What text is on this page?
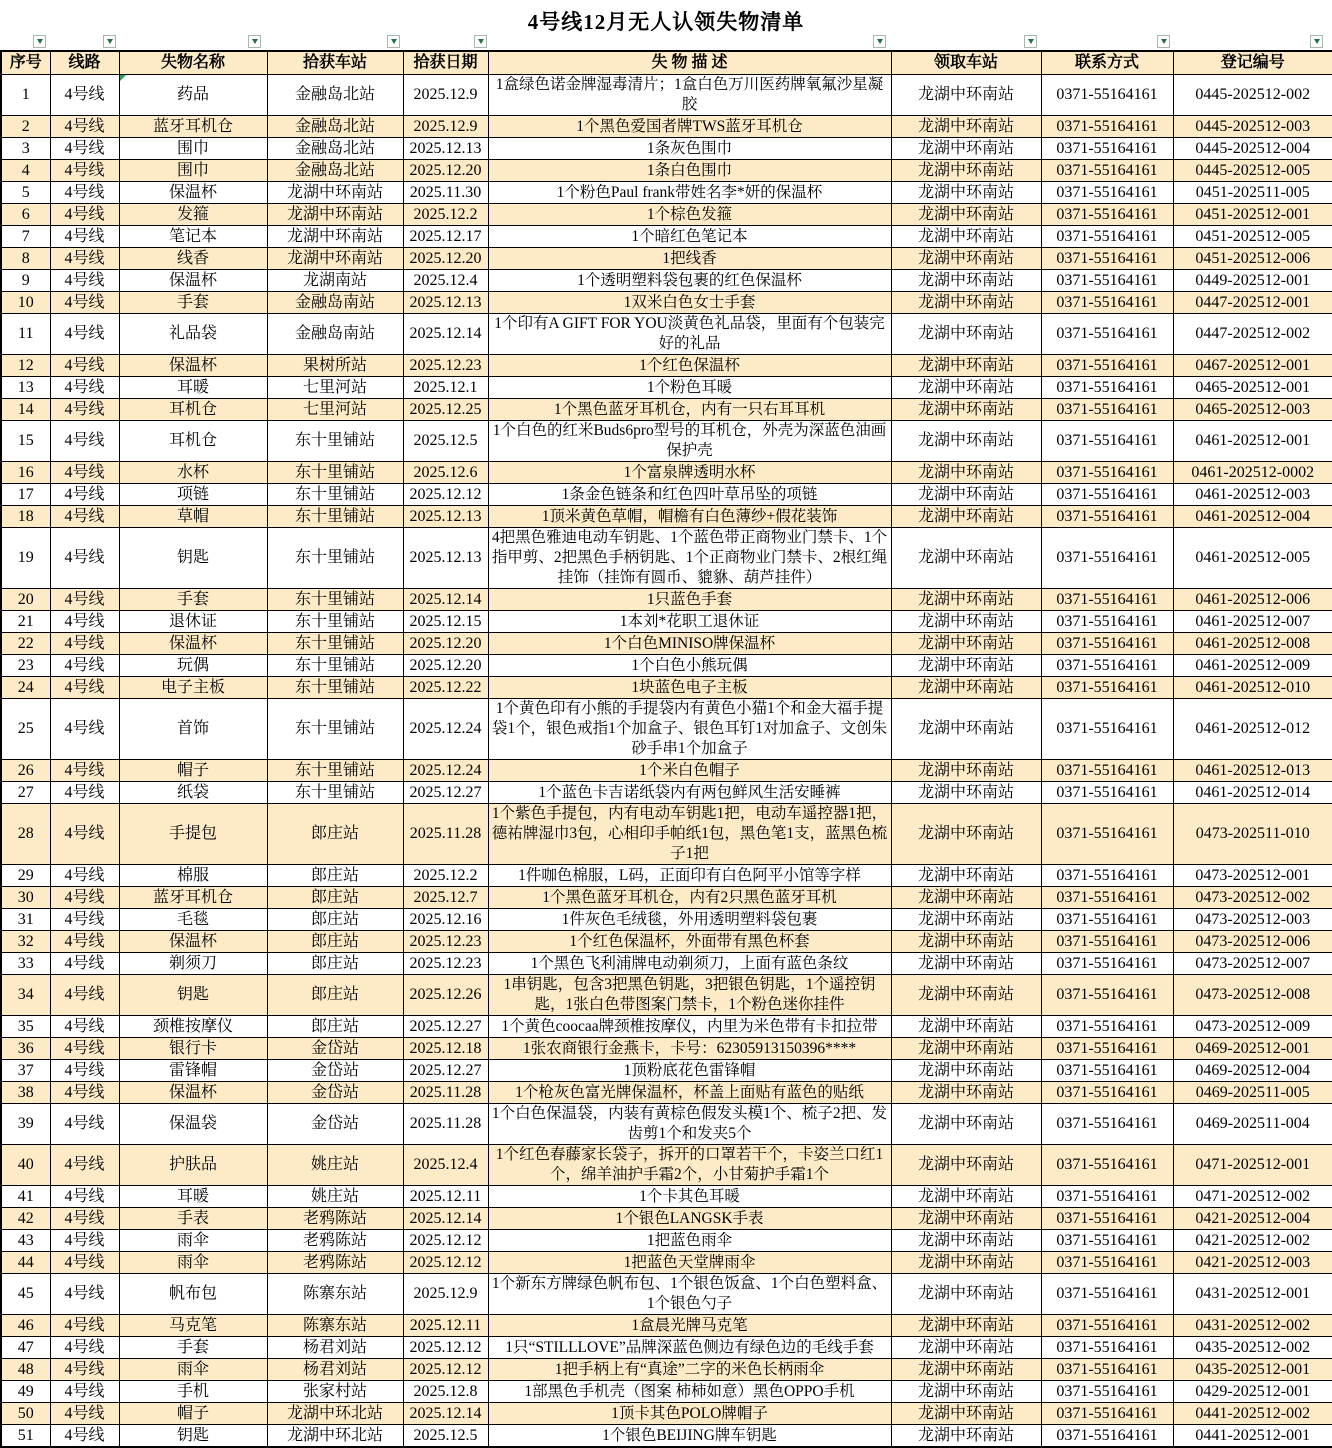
4号线12月无人认领失物清单
序号	线路	失物名称	拾获车站	拾获日期	失 物 描 述	领取车站	联系方式	登记编号
1	4号线	药品	金融岛北站	2025.12.9	1盒绿色诺金牌湿毒清片；1盒白色万川医药牌氧氟沙星凝胶	龙湖中环南站	0371-55164161	0445-202512-002
2	4号线	蓝牙耳机仓	金融岛北站	2025.12.9	1个黑色爱国者牌TWS蓝牙耳机仓	龙湖中环南站	0371-55164161	0445-202512-003
3	4号线	围巾	金融岛北站	2025.12.13	1条灰色围巾	龙湖中环南站	0371-55164161	0445-202512-004
4	4号线	围巾	金融岛北站	2025.12.20	1条白色围巾	龙湖中环南站	0371-55164161	0445-202512-005
5	4号线	保温杯	龙湖中环南站	2025.11.30	1个粉色Paul frank带姓名李*妍的保温杯	龙湖中环南站	0371-55164161	0451-202511-005
6	4号线	发箍	龙湖中环南站	2025.12.2	1个棕色发箍	龙湖中环南站	0371-55164161	0451-202512-001
7	4号线	笔记本	龙湖中环南站	2025.12.17	1个暗红色笔记本	龙湖中环南站	0371-55164161	0451-202512-005
8	4号线	线香	龙湖中环南站	2025.12.20	1把线香	龙湖中环南站	0371-55164161	0451-202512-006
9	4号线	保温杯	龙湖南站	2025.12.4	1个透明塑料袋包裹的红色保温杯	龙湖中环南站	0371-55164161	0449-202512-001
10	4号线	手套	金融岛南站	2025.12.13	1双米白色女士手套	龙湖中环南站	0371-55164161	0447-202512-001
11	4号线	礼品袋	金融岛南站	2025.12.14	1个印有A GIFT FOR YOU淡黄色礼品袋，里面有个包装完好的礼品	龙湖中环南站	0371-55164161	0447-202512-002
12	4号线	保温杯	果树所站	2025.12.23	1个红色保温杯	龙湖中环南站	0371-55164161	0467-202512-001
13	4号线	耳暖	七里河站	2025.12.1	1个粉色耳暖	龙湖中环南站	0371-55164161	0465-202512-001
14	4号线	耳机仓	七里河站	2025.12.25	1个黑色蓝牙耳机仓，内有一只右耳耳机	龙湖中环南站	0371-55164161	0465-202512-003
15	4号线	耳机仓	东十里铺站	2025.12.5	1个白色的红米Buds6pro型号的耳机仓，外壳为深蓝色油画保护壳	龙湖中环南站	0371-55164161	0461-202512-001
16	4号线	水杯	东十里铺站	2025.12.6	1个富泉牌透明水杯	龙湖中环南站	0371-55164161	0461-202512-0002
17	4号线	项链	东十里铺站	2025.12.12	1条金色链条和红色四叶草吊坠的项链	龙湖中环南站	0371-55164161	0461-202512-003
18	4号线	草帽	东十里铺站	2025.12.13	1顶米黄色草帽，帽檐有白色薄纱+假花装饰	龙湖中环南站	0371-55164161	0461-202512-004
19	4号线	钥匙	东十里铺站	2025.12.13	4把黑色雅迪电动车钥匙、1个蓝色带正商物业门禁卡、1个指甲剪、2把黑色手柄钥匙、1个正商物业门禁卡、2根红绳挂饰（挂饰有圆币、貔貅、葫芦挂件）	龙湖中环南站	0371-55164161	0461-202512-005
20	4号线	手套	东十里铺站	2025.12.14	1只蓝色手套	龙湖中环南站	0371-55164161	0461-202512-006
21	4号线	退休证	东十里铺站	2025.12.15	1本刘*花职工退休证	龙湖中环南站	0371-55164161	0461-202512-007
22	4号线	保温杯	东十里铺站	2025.12.20	1个白色MINISO牌保温杯	龙湖中环南站	0371-55164161	0461-202512-008
23	4号线	玩偶	东十里铺站	2025.12.20	1个白色小熊玩偶	龙湖中环南站	0371-55164161	0461-202512-009
24	4号线	电子主板	东十里铺站	2025.12.22	1块蓝色电子主板	龙湖中环南站	0371-55164161	0461-202512-010
25	4号线	首饰	东十里铺站	2025.12.24	1个黄色印有小熊的手提袋内有黄色小猫1个和金大福手提袋1个，银色戒指1个加盒子、银色耳钉1对加盒子、文创朱砂手串1个加盒子	龙湖中环南站	0371-55164161	0461-202512-012
26	4号线	帽子	东十里铺站	2025.12.24	1个米白色帽子	龙湖中环南站	0371-55164161	0461-202512-013
27	4号线	纸袋	东十里铺站	2025.12.27	1个蓝色卡吉诺纸袋内有两包鲜风生活安睡裤	龙湖中环南站	0371-55164161	0461-202512-014
28	4号线	手提包	郎庄站	2025.11.28	1个紫色手提包，内有电动车钥匙1把，电动车遥控器1把，德祐牌湿巾3包，心相印手帕纸1包，黑色笔1支，蓝黑色梳子1把	龙湖中环南站	0371-55164161	0473-202511-010
29	4号线	棉服	郎庄站	2025.12.2	1件咖色棉服，L码，正面印有白色阿平小馆等字样	龙湖中环南站	0371-55164161	0473-202512-001
30	4号线	蓝牙耳机仓	郎庄站	2025.12.7	1个黑色蓝牙耳机仓，内有2只黑色蓝牙耳机	龙湖中环南站	0371-55164161	0473-202512-002
31	4号线	毛毯	郎庄站	2025.12.16	1件灰色毛绒毯，外用透明塑料袋包裹	龙湖中环南站	0371-55164161	0473-202512-003
32	4号线	保温杯	郎庄站	2025.12.23	1个红色保温杯，外面带有黑色杯套	龙湖中环南站	0371-55164161	0473-202512-006
33	4号线	剃须刀	郎庄站	2025.12.23	1个黑色飞利浦牌电动剃须刀，上面有蓝色条纹	龙湖中环南站	0371-55164161	0473-202512-007
34	4号线	钥匙	郎庄站	2025.12.26	1串钥匙，包含3把黑色钥匙，3把银色钥匙，1个遥控钥匙，1张白色带图案门禁卡，1个粉色迷你挂件	龙湖中环南站	0371-55164161	0473-202512-008
35	4号线	颈椎按摩仪	郎庄站	2025.12.27	1个黄色coocaa牌颈椎按摩仪，内里为米色带有卡扣拉带	龙湖中环南站	0371-55164161	0473-202512-009
36	4号线	银行卡	金岱站	2025.12.18	1张农商银行金燕卡，卡号：62305913150396****	龙湖中环南站	0371-55164161	0469-202512-001
37	4号线	雷锋帽	金岱站	2025.12.27	1顶粉底花色雷锋帽	龙湖中环南站	0371-55164161	0469-202512-004
38	4号线	保温杯	金岱站	2025.11.28	1个枪灰色富光牌保温杯，杯盖上面贴有蓝色的贴纸	龙湖中环南站	0371-55164161	0469-202511-005
39	4号线	保温袋	金岱站	2025.11.28	1个白色保温袋，内装有黄棕色假发头模1个、梳子2把、发齿剪1个和发夹5个	龙湖中环南站	0371-55164161	0469-202511-004
40	4号线	护肤品	姚庄站	2025.12.4	1个红色春藤家长袋子，拆开的口罩若干个，卡姿兰口红1个，绵羊油护手霜2个，小甘菊护手霜1个	龙湖中环南站	0371-55164161	0471-202512-001
41	4号线	耳暖	姚庄站	2025.12.11	1个卡其色耳暖	龙湖中环南站	0371-55164161	0471-202512-002
42	4号线	手表	老鸦陈站	2025.12.14	1个银色LANGSK手表	龙湖中环南站	0371-55164161	0421-202512-004
43	4号线	雨伞	老鸦陈站	2025.12.12	1把蓝色雨伞	龙湖中环南站	0371-55164161	0421-202512-002
44	4号线	雨伞	老鸦陈站	2025.12.12	1把蓝色天堂牌雨伞	龙湖中环南站	0371-55164161	0421-202512-003
45	4号线	帆布包	陈寨东站	2025.12.9	1个新东方牌绿色帆布包、1个银色饭盒、1个白色塑料盒、1个银色勺子	龙湖中环南站	0371-55164161	0431-202512-001
46	4号线	马克笔	陈寨东站	2025.12.11	1盒晨光牌马克笔	龙湖中环南站	0371-55164161	0431-202512-002
47	4号线	手套	杨君刘站	2025.12.12	1只“STILLLOVE”品牌深蓝色侧边有绿色边的毛线手套	龙湖中环南站	0371-55164161	0435-202512-002
48	4号线	雨伞	杨君刘站	2025.12.12	1把手柄上有“真途”二字的米色长柄雨伞	龙湖中环南站	0371-55164161	0435-202512-001
49	4号线	手机	张家村站	2025.12.8	1部黑色手机壳（图案 柿柿如意）黑色OPPO手机	龙湖中环南站	0371-55164161	0429-202512-001
50	4号线	帽子	龙湖中环北站	2025.12.14	1顶卡其色POLO牌帽子	龙湖中环南站	0371-55164161	0441-202512-002
51	4号线	钥匙	龙湖中环北站	2025.12.5	1个银色BEIJING牌车钥匙	龙湖中环南站	0371-55164161	0441-202512-001
